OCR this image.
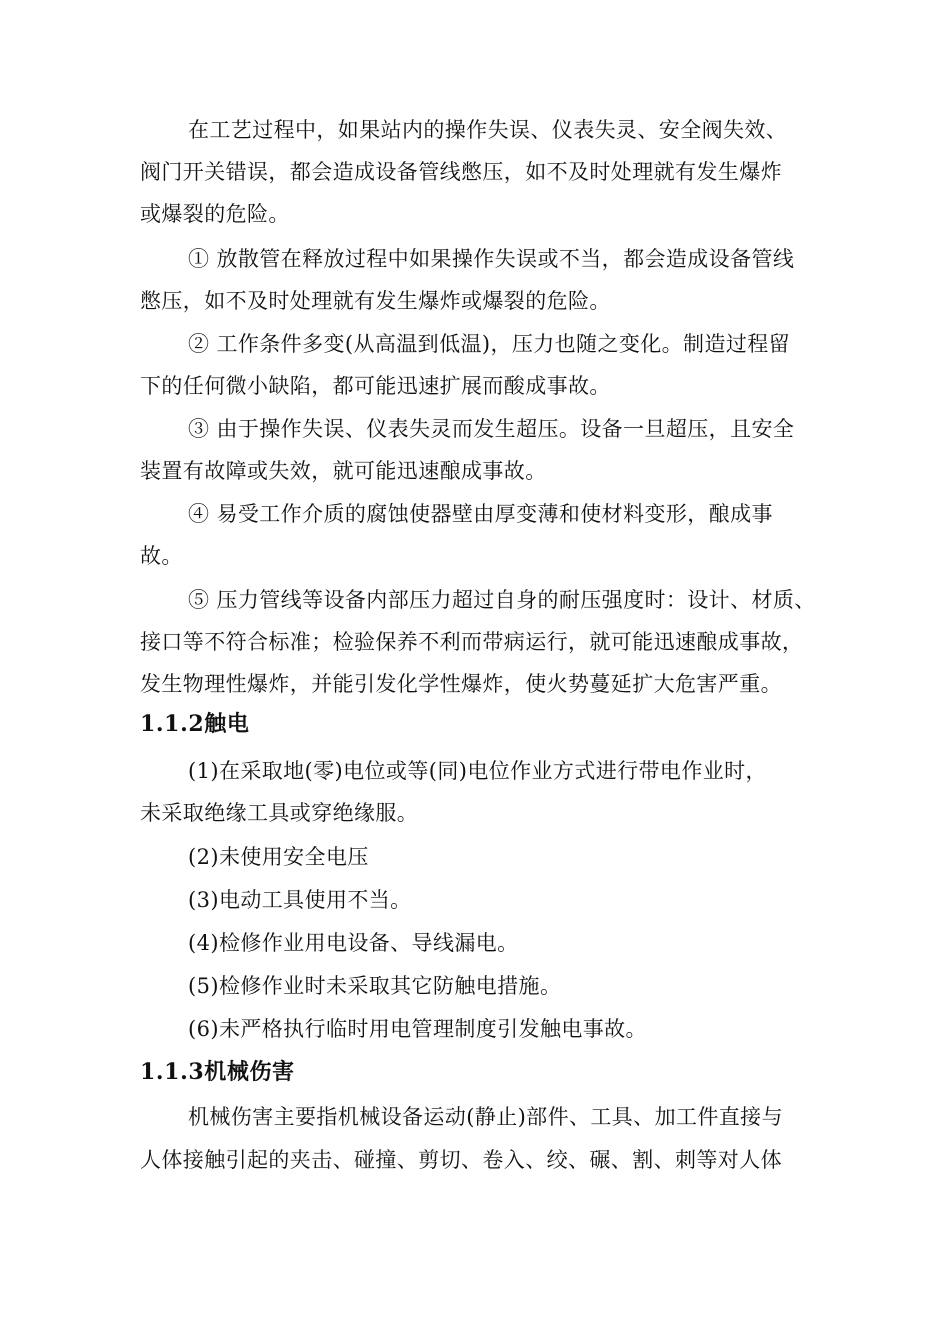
在工艺过程中，如果站内的操作失误、仪表失灵、安全阀失效、
阀门开关错误，都会造成设备管线憋压，如不及时处理就有发生爆炸
或爆裂的危险。
① 放散管在释放过程中如果操作失误或不当，都会造成设备管线
憋压，如不及时处理就有发生爆炸或爆裂的危险。
② 工作条件多变(从高温到低温)，压力也随之变化。制造过程留
下的任何微小缺陷，都可能迅速扩展而酸成事故。
③ 由于操作失误、仪表失灵而发生超压。设备一旦超压，且安全
装置有故障或失效，就可能迅速酿成事故。
④ 易受工作介质的腐蚀使器壁由厚变薄和使材料变形，酿成事
故。
⑤ 压力管线等设备内部压力超过自身的耐压强度时：设计、材质、
接口等不符合标准；检验保养不利而带病运行，就可能迅速酿成事故，
发生物理性爆炸，并能引发化学性爆炸，使火势蔓延扩大危害严重。
1.1.2触电
(1)在采取地(零)电位或等(同)电位作业方式进行带电作业时，
未采取绝缘工具或穿绝缘服。
(2)未使用安全电压
(3)电动工具使用不当。
(4)检修作业用电设备、导线漏电。
(5)检修作业时未采取其它防触电措施。
(6)未严格执行临时用电管理制度引发触电事故。
1.1.3机械伤害
机械伤害主要指机械设备运动(静止)部件、工具、加工件直接与
人体接触引起的夹击、碰撞、剪切、卷入、绞、碾、割、刺等对人体
